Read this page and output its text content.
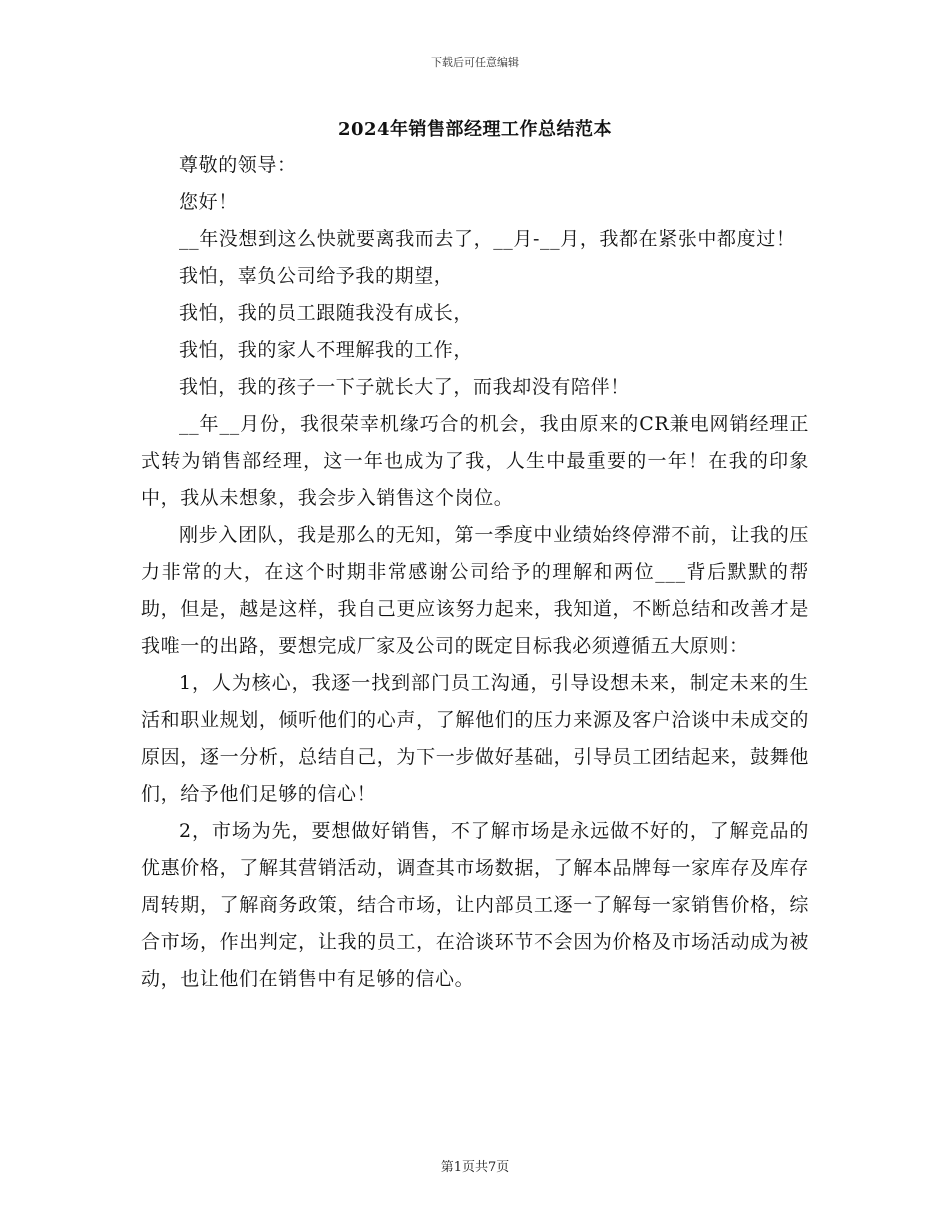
下载后可任意编辑
2024年销售部经理工作总结范本

尊敬的领导：

您好！

__年没想到这么快就要离我而去了，__月-__月，我都在紧张中都度过！

我怕，辜负公司给予我的期望，

我怕，我的员工跟随我没有成长，

我怕，我的家人不理解我的工作，

我怕，我的孩子一下子就长大了，而我却没有陪伴！

__年__月份，我很荣幸机缘巧合的机会，我由原来的CR兼电网销经理正式转为销售部经理，这一年也成为了我，人生中最重要的一年！在我的印象中，我从未想象，我会步入销售这个岗位。

刚步入团队，我是那么的无知，第一季度中业绩始终停滞不前，让我的压力非常的大，在这个时期非常感谢公司给予的理解和两位___背后默默的帮助，但是，越是这样，我自己更应该努力起来，我知道，不断总结和改善才是我唯一的出路，要想完成厂家及公司的既定目标我必须遵循五大原则：

1，人为核心，我逐一找到部门员工沟通，引导设想未来，制定未来的生活和职业规划，倾听他们的心声，了解他们的压力来源及客户洽谈中未成交的原因，逐一分析，总结自己，为下一步做好基础，引导员工团结起来，鼓舞他们，给予他们足够的信心！

2，市场为先，要想做好销售，不了解市场是永远做不好的，了解竞品的优惠价格，了解其营销活动，调查其市场数据，了解本品牌每一家库存及库存周转期，了解商务政策，结合市场，让内部员工逐一了解每一家销售价格，综合市场，作出判定，让我的员工，在洽谈环节不会因为价格及市场活动成为被动，也让他们在销售中有足够的信心。

第1页共7页
